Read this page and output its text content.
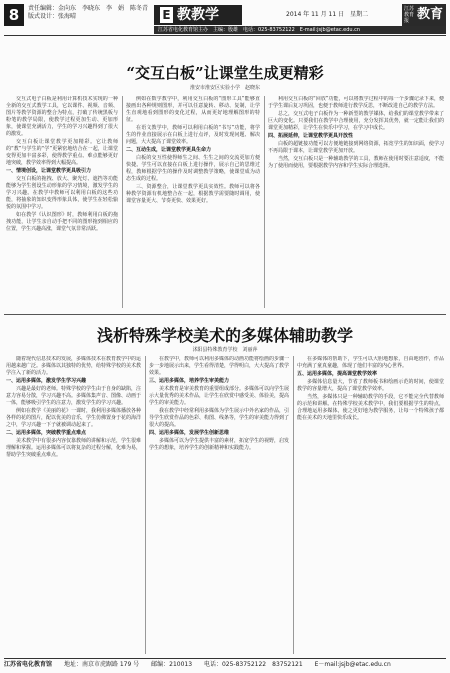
8	责任编辑：金向东　李晓东　李　娟　陈冬青
版式设计：张海晴	E 教教学	2014 年 11 月 11 日　星期二
江苏教育报 教育
江苏省电化教育馆主办　主编：殷雄　电话：025-83752122　E-mail:jsjb@etac.edu.cn
“交互白板”让课堂生成更精彩
淮安市淮安区实验小学　赵晓东

交互式电子白板是利用计算机技术实现的一种全新的交互式教学工具，它以课件、视频、音频、图片等教学资源的整合为特点，打破了传统黑板与粉笔的教学局限，使教学过程更加生动、更加形象，使课堂充满活力，学生的学习兴趣得到了很大的激发。

交互白板让课堂教学更加精彩。它让教师的“教”与学生的“学”更紧密地结合在一起，让课堂变得更加丰富多彩，使得教学重点、难点能够更好地突破，教学效率得到大幅提高。

一、情境创设，让课堂教学更具吸引力

交互白板的拖拽、放大、聚光灯、遮挡等功能能够为学生创设生动形象的学习情境，激发学生的学习兴趣。在教学中教师可以利用白板的这些功能，将抽象的知识变得形象具体，使学生在轻松愉悦的氛围中学习。

如在教学《认识图形》时，教师利用白板的拖拽功能，让学生亲自动手把不同的图形拖到相应的位置，学生兴趣高涨，课堂气氛非常活跃。

例如在数学教学中，利用交互白板的“图形工具”能够直接画出各种规则图形，并可以任意旋转、移动、复制，让学生直观地看到图形的变化过程，从而更好地理解图形的特征。

在语文教学中，教师可以利用白板的“书写”功能，将学生的作业直接展示在白板上进行点评，及时发现问题、解决问题，大大提高了课堂效率。

二、互动生成，让课堂教学更具生命力

白板的交互性使得师生之间、生生之间的交流更加方便快捷。学生可以直接在白板上进行操作，展示自己的思维过程，教师根据学生的操作及时调整教学策略，使课堂成为动态生成的过程。

三、资源整合，让课堂教学更具实效性。教师可以将各种教学资源有机地整合在一起，根据教学需要随时调用，使课堂容量更大、节奏更快、效果更好。

利用交互白板的“回放”功能，可以将教学过程中的每一个步骤记录下来，便于学生课后复习巩固，也便于教师进行教学反思，不断改进自己的教学方法。

总之，交互式电子白板作为一种新型的教学媒体，给我们的课堂教学带来了巨大的变化。只要我们在教学中合理使用，充分发挥其优势，就一定能让我们的课堂更加精彩，让学生在快乐中学习，在学习中成长。

四、拓展延伸，让课堂教学更具开放性

白板的超链接功能可以方便地链接到网络资源，拓宽学生的知识面，使学习不再局限于课本，让课堂教学更加开放。

当然，交互白板只是一种辅助教学的工具，教师在使用时要注意适度，不能为了使用而使用，要根据教学内容和学生实际合理选择。

浅析特殊学校美术的多媒体辅助教学
沭阳县特殊教育学校　刘丽萍

随着现代信息技术的发展，多媒体技术在教育教学中的运用越来越广泛。多媒体以其独特的优势，给特殊学校的美术教学注入了新的活力。

一、运用多媒体，激发学生学习兴趣

兴趣是最好的老师。特殊学校的学生由于自身的缺陷，注意力容易分散，学习兴趣不高。多媒体集声音、图像、动画于一体，能够吸引学生的注意力，激发学生的学习兴趣。

例如在教学《美丽的花》一课时，我利用多媒体播放各种各样的花的图片，配以优美的音乐，学生仿佛置身于花的海洋之中，学习兴趣一下子就被调动起来了。

二、运用多媒体，突破教学重点难点

美术教学中有很多内容仅靠教师的讲解和示范，学生很难理解和掌握。运用多媒体可以将复杂的过程分解，化难为易，帮助学生突破重点难点。

在教学中，教师可以利用多媒体的动画功能将绘画的步骤一步一步地展示出来，学生看得清楚，学得明白，大大提高了教学效果。

三、运用多媒体，培养学生审美能力

美术教育是审美教育的重要组成部分。多媒体可以向学生展示大量优秀的美术作品，让学生在欣赏中感受美、体验美，提高学生的审美能力。

我在教学中经常利用多媒体为学生展示中外名家的作品，引导学生欣赏作品的色彩、构图、线条等，学生的审美能力得到了很大的提高。

四、运用多媒体，发展学生创新思维

多媒体可以为学生提供丰富的素材，拓宽学生的视野，启发学生的想象，培养学生的创新精神和实践能力。

在多媒体的帮助下，学生可以大胆地想象，自由地创作，作品中充满了童真童趣，体现了他们丰富的内心世界。

五、运用多媒体，提高课堂教学效率

多媒体信息量大，节省了教师板书和绘画示范的时间，使课堂教学的容量增大，提高了课堂教学效率。

当然，多媒体只是一种辅助教学的手段，它不能完全代替教师的示范和讲解。在特殊学校美术教学中，我们要根据学生的特点，合理地运用多媒体，使之更好地为教学服务，让每一个特殊孩子都能在美术的天地里快乐成长。

江苏省电化教育馆 地址：南京市虎踞路 179 号 邮编：210013 电话：025-83752122　83752121 E－mail:jsjb@etac.edu.cn
